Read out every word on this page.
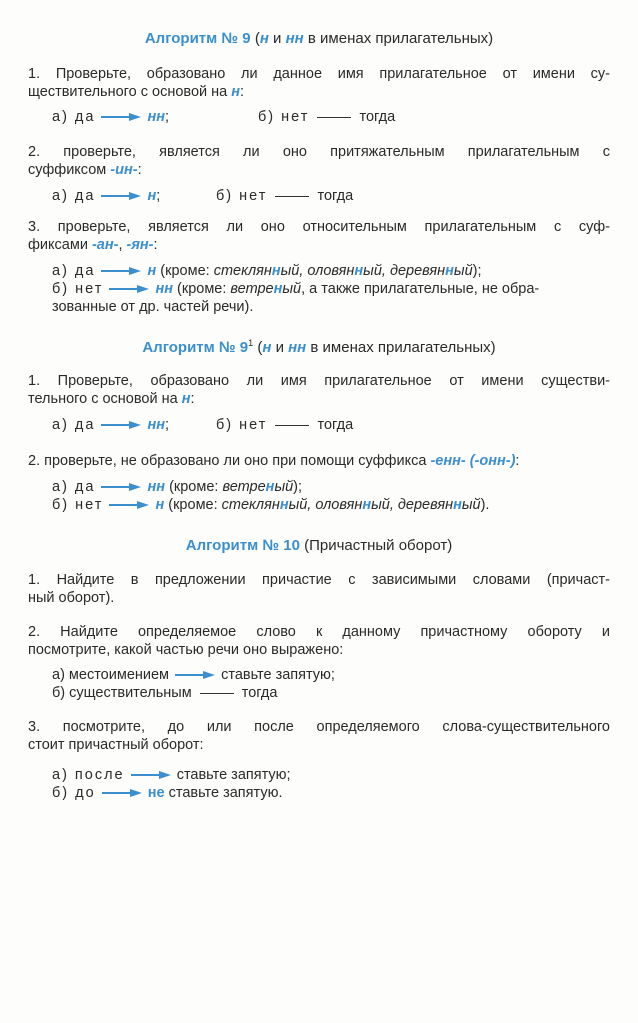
Алгоритм № 9 (н и нн в именах прилагательных)
1. Проверьте, образовано ли данное имя прилагательное от имени су-
ществительного с основой на н:
а) да	нн;	б) нет	тогда
2. проверьте, является ли оно притяжательным прилагательным с
суффиксом -ин-:
а) да	н;	б) нет	тогда
3. проверьте, является ли оно относительным прилагательным с суф-
фиксами -ан-, -ян-:
а) да	н (кроме: стеклянный, оловянный, деревянный);
б) нет	нн (кроме: ветреный, а также прилагательные, не обра-
зованные от др. частей речи).
Алгоритм № $9^1$ (н и нн в именах прилагательных)
1. Проверьте, образовано ли имя прилагательное от имени существи-
тельного с основой на н:
а) да	нн;	б) нет	тогда
2. проверьте, не образовано ли оно при помощи суффикса -енн- (-онн-):
а) да	нн (кроме: ветреный);
б) нет	н (кроме: стеклянный, оловянный, деревянный).
Алгоритм № 10 (Причастный оборот)
1. Найдите в предложении причастие с зависимыми словами (причаст-
ный оборот).
2. Найдите определяемое слово к данному причастному обороту и
посмотрите, какой частью речи оно выражено:
а) местоимением	ставьте запятую;
б) существительным	тогда
3. посмотрите, до или после определяемого слова-существительного
стоит причастный оборот:
а) после	ставьте запятую;
б) до	не ставьте запятую.
